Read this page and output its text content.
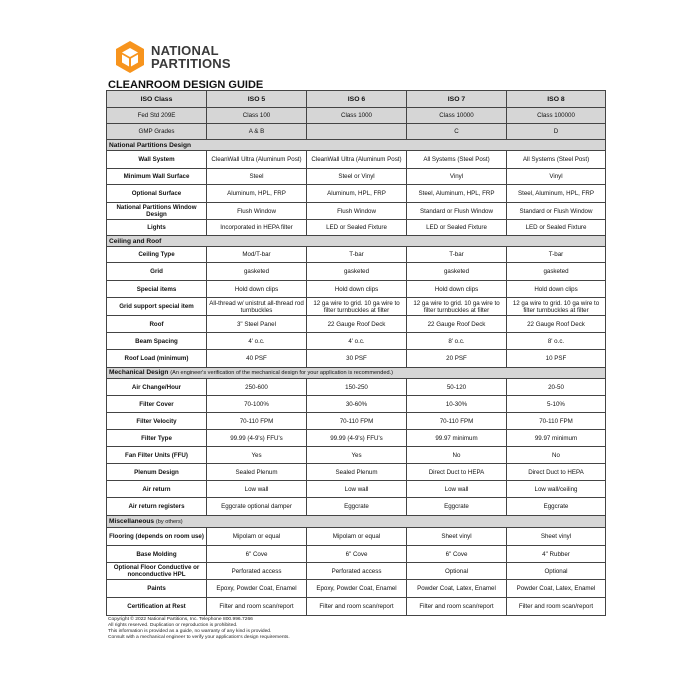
NATIONAL
PARTITIONS
CLEANROOM DESIGN GUIDE
ISO Class	ISO 5	ISO 6	ISO 7	ISO 8
Fed Std 209E	Class 100	Class 1000	Class 10000	Class 100000
GMP Grades	A & B		C	D
National Partitions Design				
Wall System	CleanWall Ultra (Aluminum Post)	CleanWall Ultra (Aluminum Post)	All Systems (Steel Post)	All Systems (Steel Post)
Minimum Wall Surface	Steel	Steel or Vinyl	Vinyl	Vinyl
Optional Surface	Aluminum, HPL, FRP	Aluminum, HPL, FRP	Steel, Aluminum, HPL, FRP	Steel, Aluminum, HPL, FRP
National Partitions Window Design	Flush Window	Flush Window	Standard or Flush Window	Standard or Flush Window
Lights	Incorporated in HEPA filter	LED or Sealed Fixture	LED or Sealed Fixture	LED or Sealed Fixture
Ceiling and Roof				
Ceiling Type	Mod/T-bar	T-bar	T-bar	T-bar
Grid	gasketed	gasketed	gasketed	gasketed
Special items	Hold down clips	Hold down clips	Hold down clips	Hold down clips
Grid support special item	All-thread w/ unistrut all-thread rod turnbuckles	12 ga wire to grid. 10 ga wire to filter turnbuckles at filter	12 ga wire to grid. 10 ga wire to filter turnbuckles at filter	12 ga wire to grid. 10 ga wire to filter turnbuckles at filter
Roof	3" Steel Panel	22 Gauge Roof Deck	22 Gauge Roof Deck	22 Gauge Roof Deck
Beam Spacing	4' o.c.	4' o.c.	8' o.c.	8' o.c.
Roof Load (minimum)	40 PSF	30 PSF	20 PSF	10 PSF
Mechanical Design (An engineer's verification of the mechanical design for your application is recommended.)				
Air Change/Hour	250-600	150-250	50-120	20-50
Filter Cover	70-100%	30-60%	10-30%	5-10%
Filter Velocity	70-110 FPM	70-110 FPM	70-110 FPM	70-110 FPM
Filter Type	99.99 (4-9's) FFU's	99.99 (4-9's) FFU's	99.97 minimum	99.97 minimum
Fan Filter Units (FFU)	Yes	Yes	No	No
Plenum Design	Sealed Plenum	Sealed Plenum	Direct Duct to HEPA	Direct Duct to HEPA
Air return	Low wall	Low wall	Low wall	Low wall/ceiling
Air return registers	Eggcrate optional damper	Eggcrate	Eggcrate	Eggcrate
Miscellaneous (by others)				
Flooring (depends on room use)	Mipolam or equal	Mipolam or equal	Sheet vinyl	Sheet vinyl
Base Molding	6" Cove	6" Cove	6" Cove	4" Rubber
Optional Floor Conductive or nonconductive HPL	Perforated access	Perforated access	Optional	Optional
Paints	Epoxy, Powder Coat, Enamel	Epoxy, Powder Coat, Enamel	Powder Coat, Latex, Enamel	Powder Coat, Latex, Enamel
Certification at Rest	Filter and room scan/report	Filter and room scan/report	Filter and room scan/report	Filter and room scan/report
Copyright © 2022 National Partitions, Inc. Telephone 800.996.7266
All rights reserved. Duplication or reproduction is prohibited.
This information is provided as a guide, no warranty of any kind is provided.
Consult with a mechanical engineer to verify your application's design requirements.
